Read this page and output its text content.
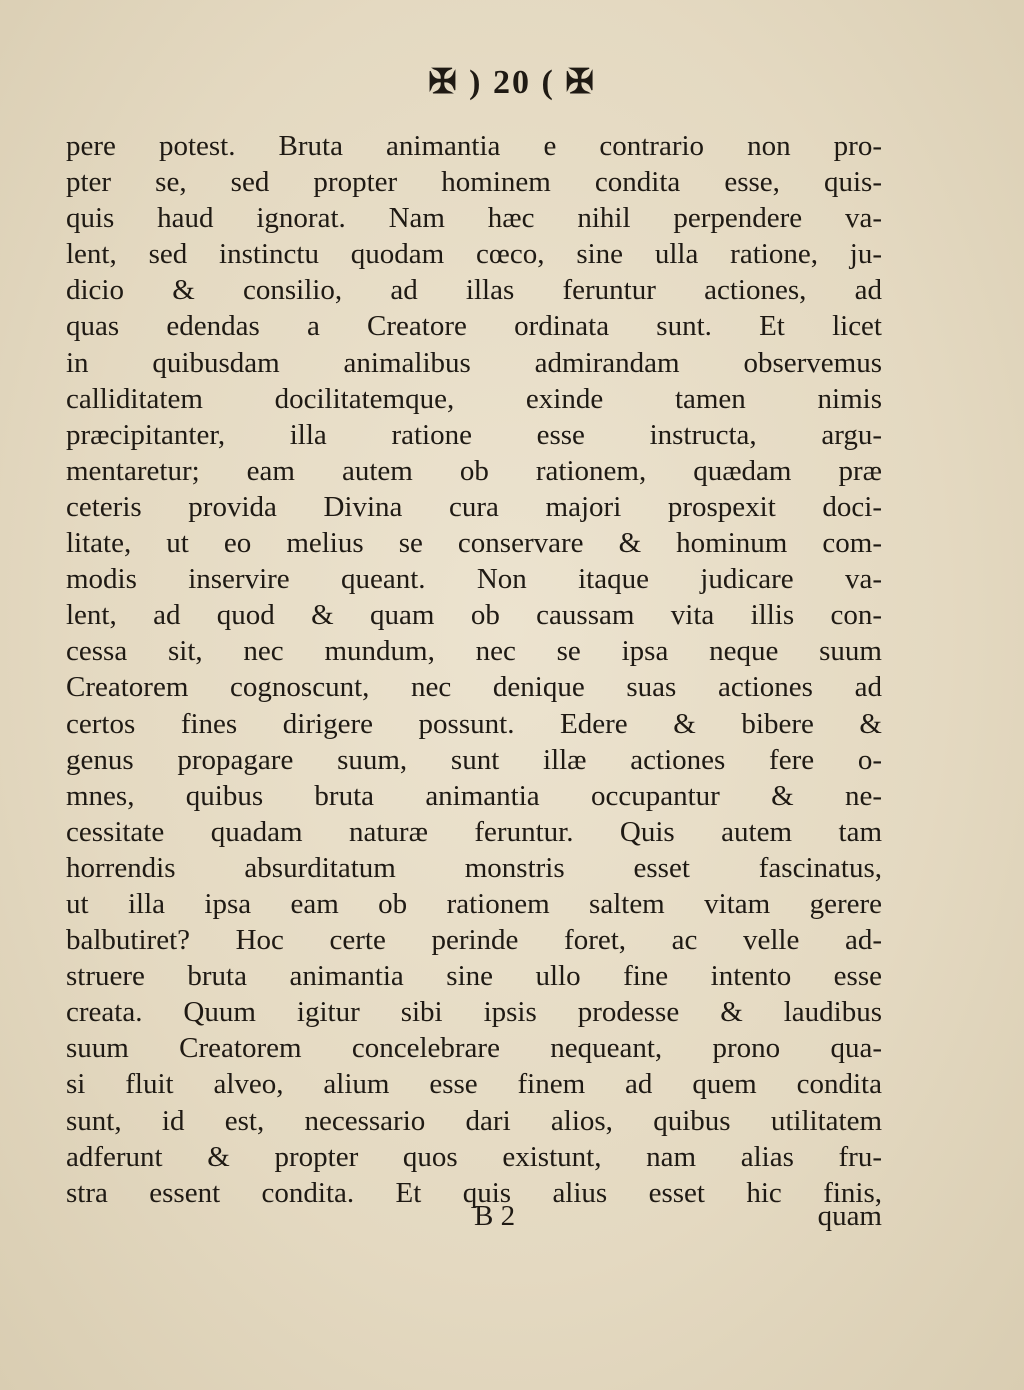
✠ ) 20 ( ✠
pere potest. Bruta animantia e contrario non pro-
pter se, sed propter hominem condita esse, quis-
quis haud ignorat. Nam hæc nihil perpendere va-
lent, sed instinctu quodam cœco, sine ulla ratione, ju-
dicio & consilio, ad illas feruntur actiones, ad
quas edendas a Creatore ordinata sunt. Et licet
in quibusdam animalibus admirandam observemus
calliditatem docilitatemque, exinde tamen nimis
præcipitanter, illa ratione esse instructa, argu-
mentaretur; eam autem ob rationem, quædam præ
ceteris provida Divina cura majori prospexit doci-
litate, ut eo melius se conservare & hominum com-
modis inservire queant. Non itaque judicare va-
lent, ad quod & quam ob caussam vita illis con-
cessa sit, nec mundum, nec se ipsa neque suum
Creatorem cognoscunt, nec denique suas actiones ad
certos fines dirigere possunt. Edere & bibere &
genus propagare suum, sunt illæ actiones fere o-
mnes, quibus bruta animantia occupantur & ne-
cessitate quadam naturæ feruntur. Quis autem tam
horrendis absurditatum monstris esset fascinatus,
ut illa ipsa eam ob rationem saltem vitam gerere
balbutiret? Hoc certe perinde foret, ac velle ad-
struere bruta animantia sine ullo fine intento esse
creata. Quum igitur sibi ipsis prodesse & laudibus
suum Creatorem concelebrare nequeant, prono qua-
si fluit alveo, alium esse finem ad quem condita
sunt, id est, necessario dari alios, quibus utilitatem
adferunt & propter quos existunt, nam alias fru-
stra essent condita. Et quis alius esset hic finis,
B 2	quam
